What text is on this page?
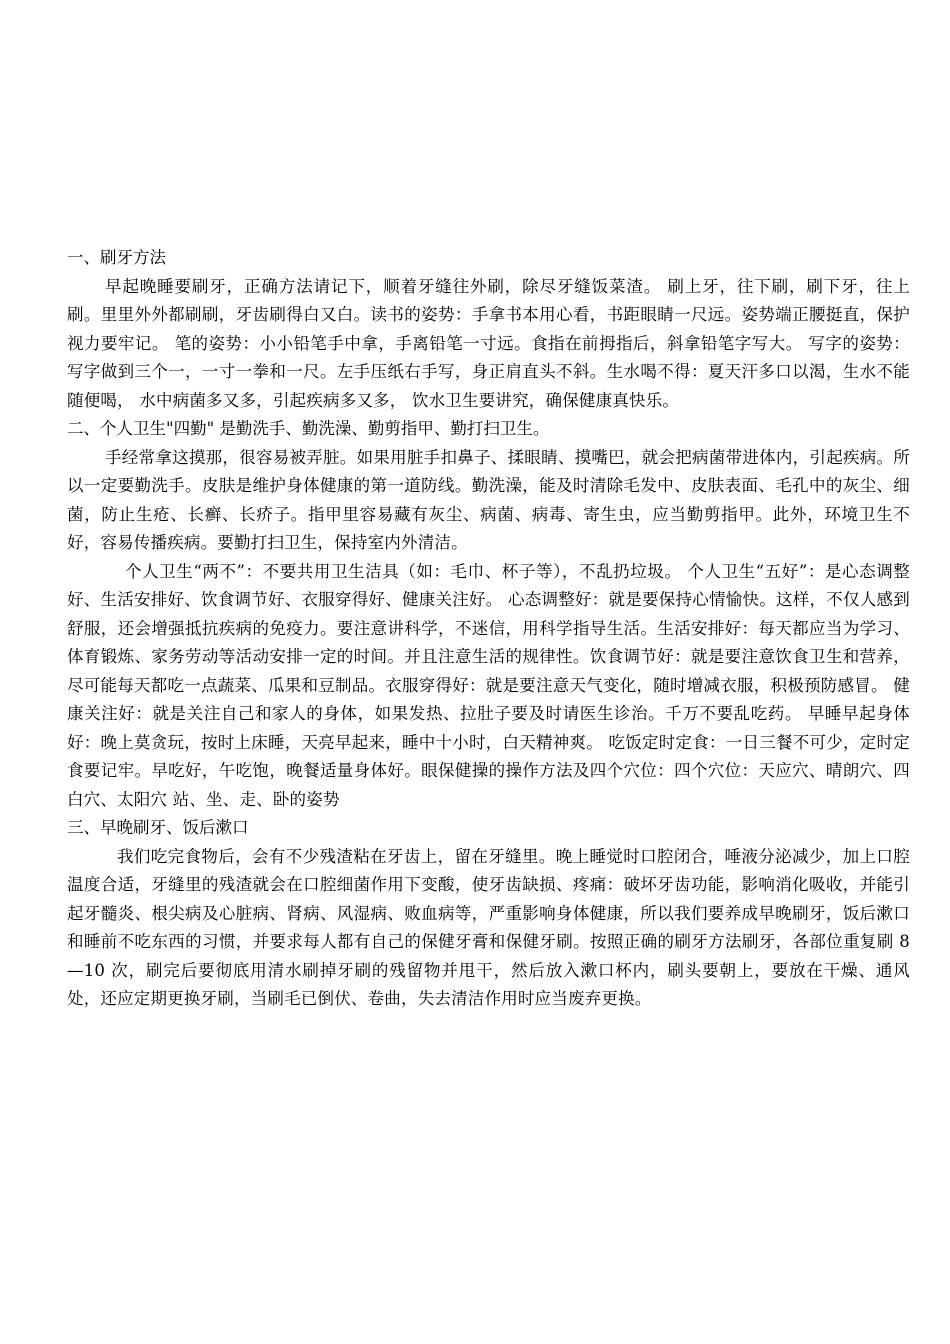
一、刷牙方法

早起晚睡要刷牙，正确方法请记下，顺着牙缝往外刷，除尽牙缝饭菜渣。 刷上牙，往下刷，刷下牙，往上刷。里里外外都刷刷，牙齿刷得白又白。读书的姿势：手拿书本用心看，书距眼睛一尺远。姿势端正腰挺直，保护视力要牢记。 笔的姿势：小小铅笔手中拿，手离铅笔一寸远。食指在前拇指后，斜拿铅笔字写大。 写字的姿势：写字做到三个一，一寸一拳和一尺。左手压纸右手写，身正肩直头不斜。生水喝不得：夏天汗多口以渴，生水不能随便喝， 水中病菌多又多，引起疾病多又多， 饮水卫生要讲究，确保健康真快乐。

二、个人卫生"四勤" 是勤洗手、勤洗澡、勤剪指甲、勤打扫卫生。

手经常拿这摸那，很容易被弄脏。如果用脏手扣鼻子、揉眼睛、摸嘴巴，就会把病菌带进体内，引起疾病。所以一定要勤洗手。皮肤是维护身体健康的第一道防线。勤洗澡，能及时清除毛发中、皮肤表面、毛孔中的灰尘、细菌，防止生疮、长癣、长疥子。指甲里容易藏有灰尘、病菌、病毒、寄生虫，应当勤剪指甲。此外，环境卫生不好，容易传播疾病。要勤打扫卫生，保持室内外清洁。

个人卫生“两不”：不要共用卫生洁具（如：毛巾、杯子等），不乱扔垃圾。 个人卫生“五好”：是心态调整好、生活安排好、饮食调节好、衣服穿得好、健康关注好。 心态调整好：就是要保持心情愉快。这样，不仅人感到舒服，还会增强抵抗疾病的免疫力。要注意讲科学，不迷信，用科学指导生活。生活安排好：每天都应当为学习、体育锻炼、家务劳动等活动安排一定的时间。并且注意生活的规律性。饮食调节好：就是要注意饮食卫生和营养，尽可能每天都吃一点蔬菜、瓜果和豆制品。衣服穿得好：就是要注意天气变化，随时增减衣服，积极预防感冒。 健康关注好：就是关注自己和家人的身体，如果发热、拉肚子要及时请医生诊治。千万不要乱吃药。 早睡早起身体好：晚上莫贪玩，按时上床睡，天亮早起来，睡中十小时，白天精神爽。 吃饭定时定食：一日三餐不可少，定时定食要记牢。早吃好，午吃饱，晚餐适量身体好。眼保健操的操作方法及四个穴位：四个穴位：天应穴、晴朗穴、四白穴、太阳穴 站、坐、走、卧的姿势

三、早晚刷牙、饭后漱口

我们吃完食物后，会有不少残渣粘在牙齿上，留在牙缝里。晚上睡觉时口腔闭合，唾液分泌减少，加上口腔温度合适，牙缝里的残渣就会在口腔细菌作用下变酸，使牙齿缺损、疼痛：破坏牙齿功能，影响消化吸收，并能引起牙髓炎、根尖病及心脏病、肾病、风湿病、败血病等，严重影响身体健康，所以我们要养成早晚刷牙，饭后漱口和睡前不吃东西的习惯，并要求每人都有自己的保健牙膏和保健牙刷。按照正确的刷牙方法刷牙，各部位重复刷 8—10 次，刷完后要彻底用清水刷掉牙刷的残留物并甩干，然后放入漱口杯内，刷头要朝上，要放在干燥、通风处，还应定期更换牙刷，当刷毛已倒伏、卷曲，失去清洁作用时应当废弃更换。
